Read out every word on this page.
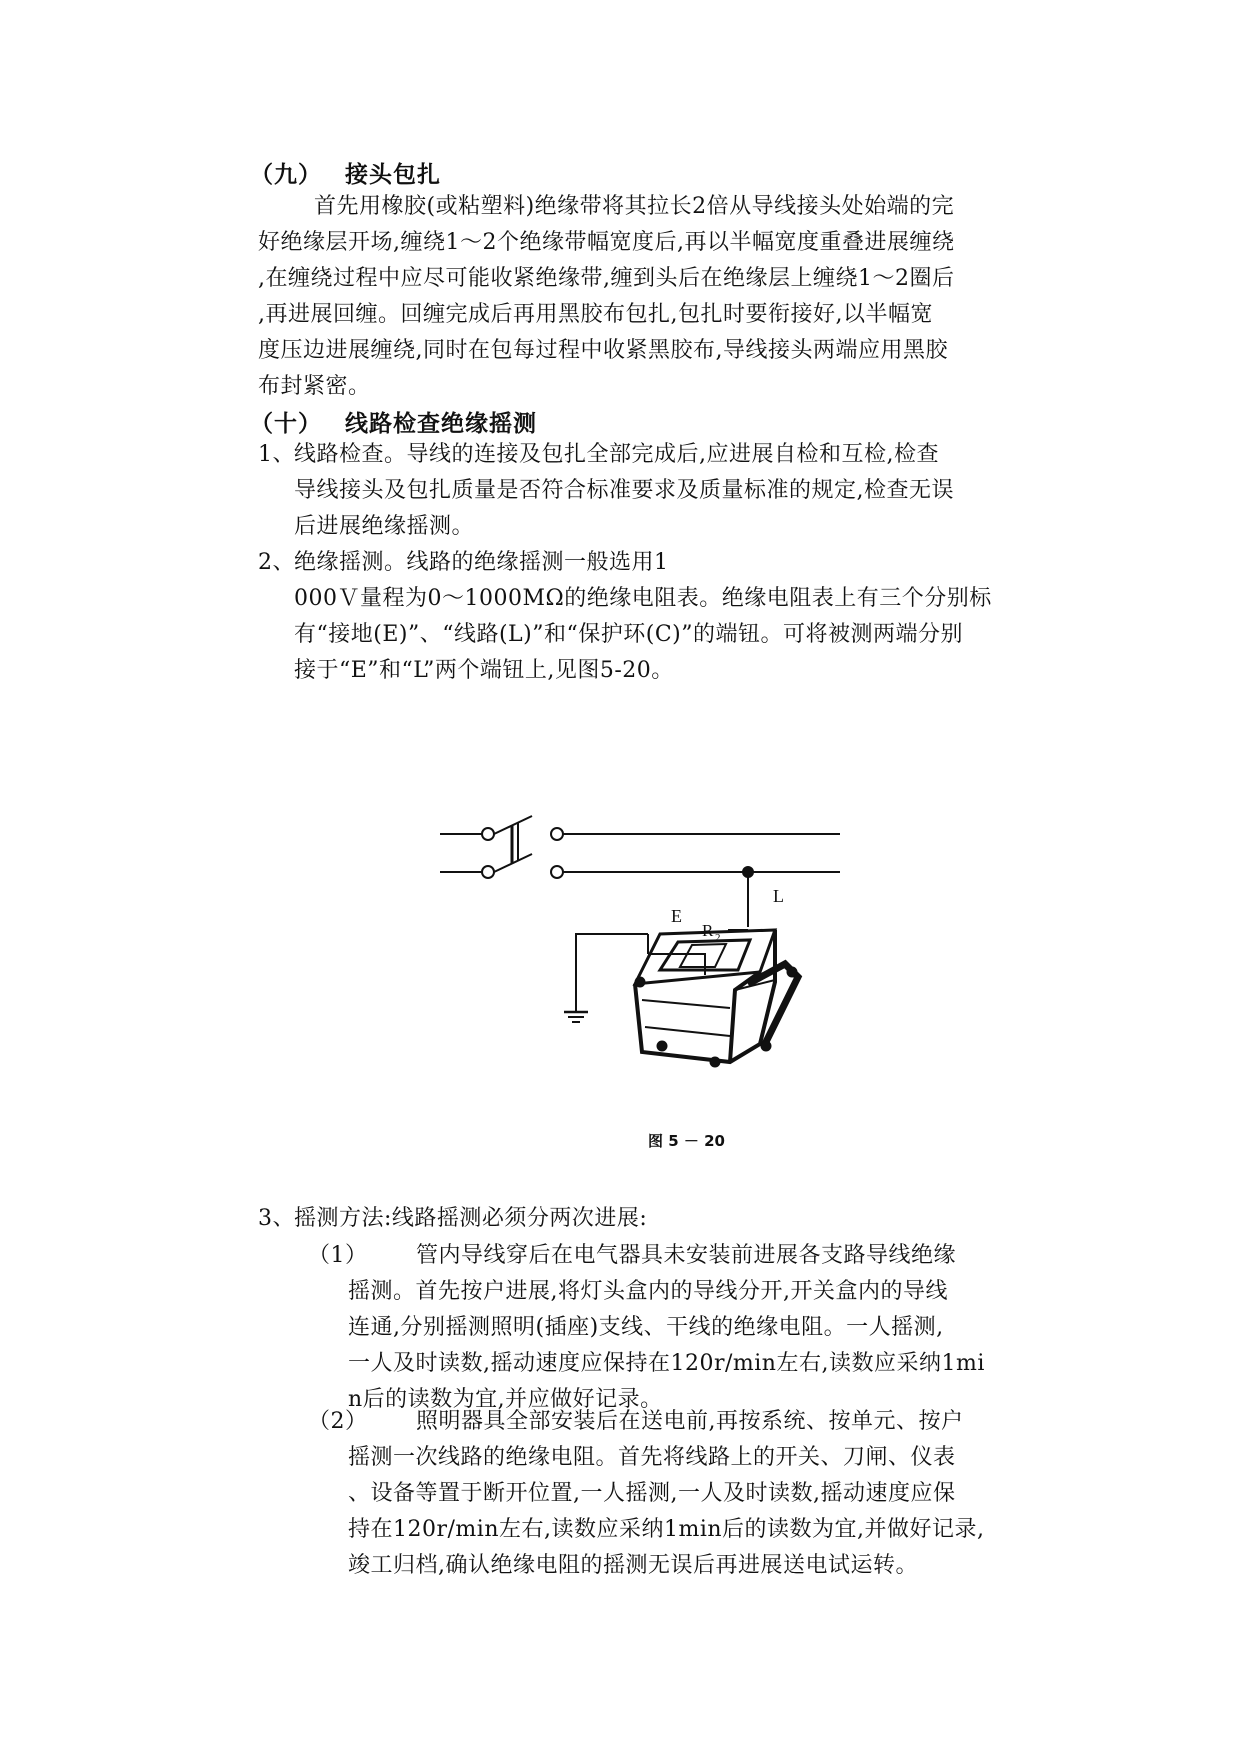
（九） 接头包扎
首先用橡胶(或粘塑料)绝缘带将其拉长2倍从导线接头处始端的完
好绝缘层开场,缠绕1～2个绝缘带幅宽度后,再以半幅宽度重叠进展缠绕
,在缠绕过程中应尽可能收紧绝缘带,缠到头后在绝缘层上缠绕1～2圈后
,再进展回缠。回缠完成后再用黑胶布包扎,包扎时要衔接好,以半幅宽
度压边进展缠绕,同时在包每过程中收紧黑胶布,导线接头两端应用黑胶
布封紧密。
（十） 线路检查绝缘摇测
1、 线路检查。导线的连接及包扎全部完成后,应进展自检和互检,检查
导线接头及包扎质量是否符合标准要求及质量标准的规定,检查无误
后进展绝缘摇测。
2、 绝缘摇测。线路的绝缘摇测一般选用1
000Ｖ量程为0～1000MΩ的绝缘电阻表。绝缘电阻表上有三个分别标
有“接地(E)”、“线路(L)”和“保护环(C)”的端钮。可将被测两端分别
接于“E”和“L”两个端钮上,见图5-20。
E
L
R 2
图 5 － 20
3、 摇测方法:线路摇测必须分两次进展:
（1）	管内导线穿后在电气器具未安装前进展各支路导线绝缘
摇测。首先按户进展,将灯头盒内的导线分开,开关盒内的导线
连通,分别摇测照明(插座)支线、干线的绝缘电阻。一人摇测,
一人及时读数,摇动速度应保持在120r/min左右,读数应采纳1mi
n后的读数为宜,并应做好记录。
（2）	照明器具全部安装后在送电前,再按系统、按单元、按户
摇测一次线路的绝缘电阻。首先将线路上的开关、刀闸、仪表
、设备等置于断开位置,一人摇测,一人及时读数,摇动速度应保
持在120r/min左右,读数应采纳1min后的读数为宜,并做好记录,
竣工归档,确认绝缘电阻的摇测无误后再进展送电试运转。
